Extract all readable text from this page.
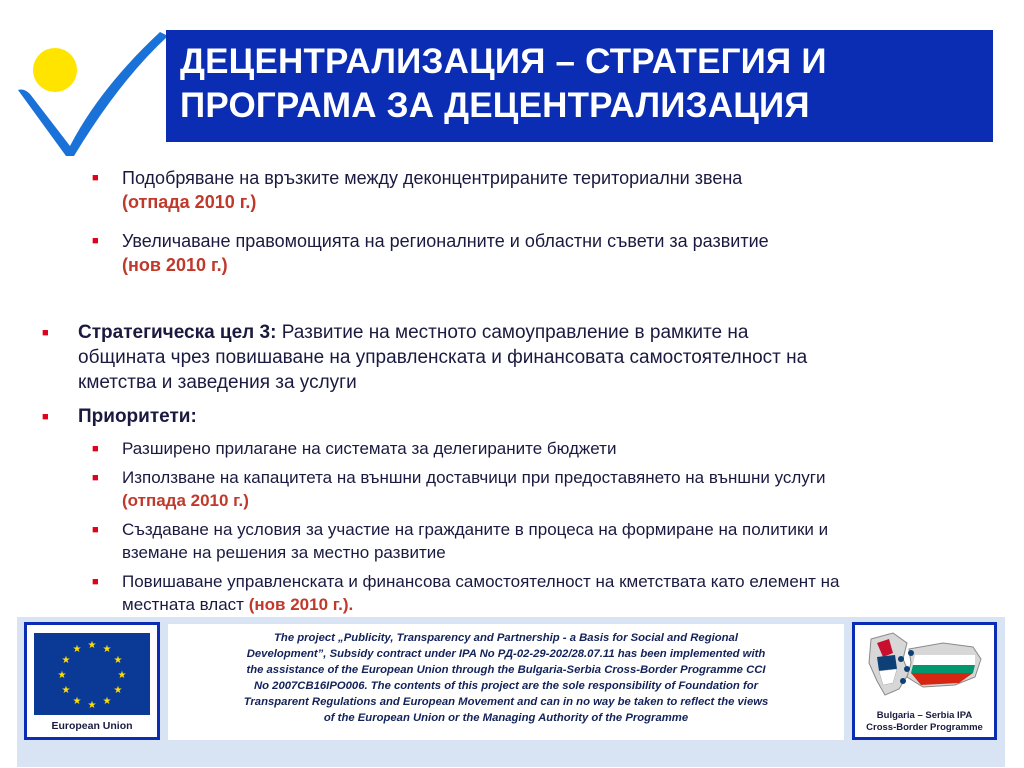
ДЕЦЕНТРАЛИЗАЦИЯ – СТРАТЕГИЯ И
ПРОГРАМА ЗА ДЕЦЕНТРАЛИЗАЦИЯ
■ Подобряване на връзките между деконцентрираните териториални звена
(отпада 2010 г.)
■ Увеличаване правомощията на регионалните и областни съвети за развитие
(нов 2010 г.)
■ Стратегическа цел 3: Развитие на местното самоуправление в рамките на
общината чрез повишаване на управленската и финансовата самостоятелност на
кметства и заведения за услуги
■ Приоритети:
■ Разширено прилагане на системата за делегираните бюджети
■ Използване на капацитета на външни доставчици при предоставянето на външни услуги
(отпада 2010 г.)
■ Създаване на условия за участие на гражданите в процеса на формиране на политики и
вземане на решения за местно развитие
■ Повишаване управленската и финансова самостоятелност на кметствата като елемент на
местната власт (нов 2010 г.).
★ ★
★
★
★
★
★
★
★
★
★
★
European Union
The project „Publicity, Transparency and Partnership - a Basis for Social and Regional
Development”, Subsidy contract under IPA No РД-02-29-202/28.07.11 has been implemented with
the assistance of the European Union through the Bulgaria-Serbia Cross-Border Programme CCI
No 2007CB16IPO006. The contents of this project are the sole responsibility of Foundation for
Transparent Regulations and European Movement and can in no way be taken to reflect the views
of the European Union or the Managing Authority of the Programme	Bulgaria – Serbia IPA
Cross-Border Programme
